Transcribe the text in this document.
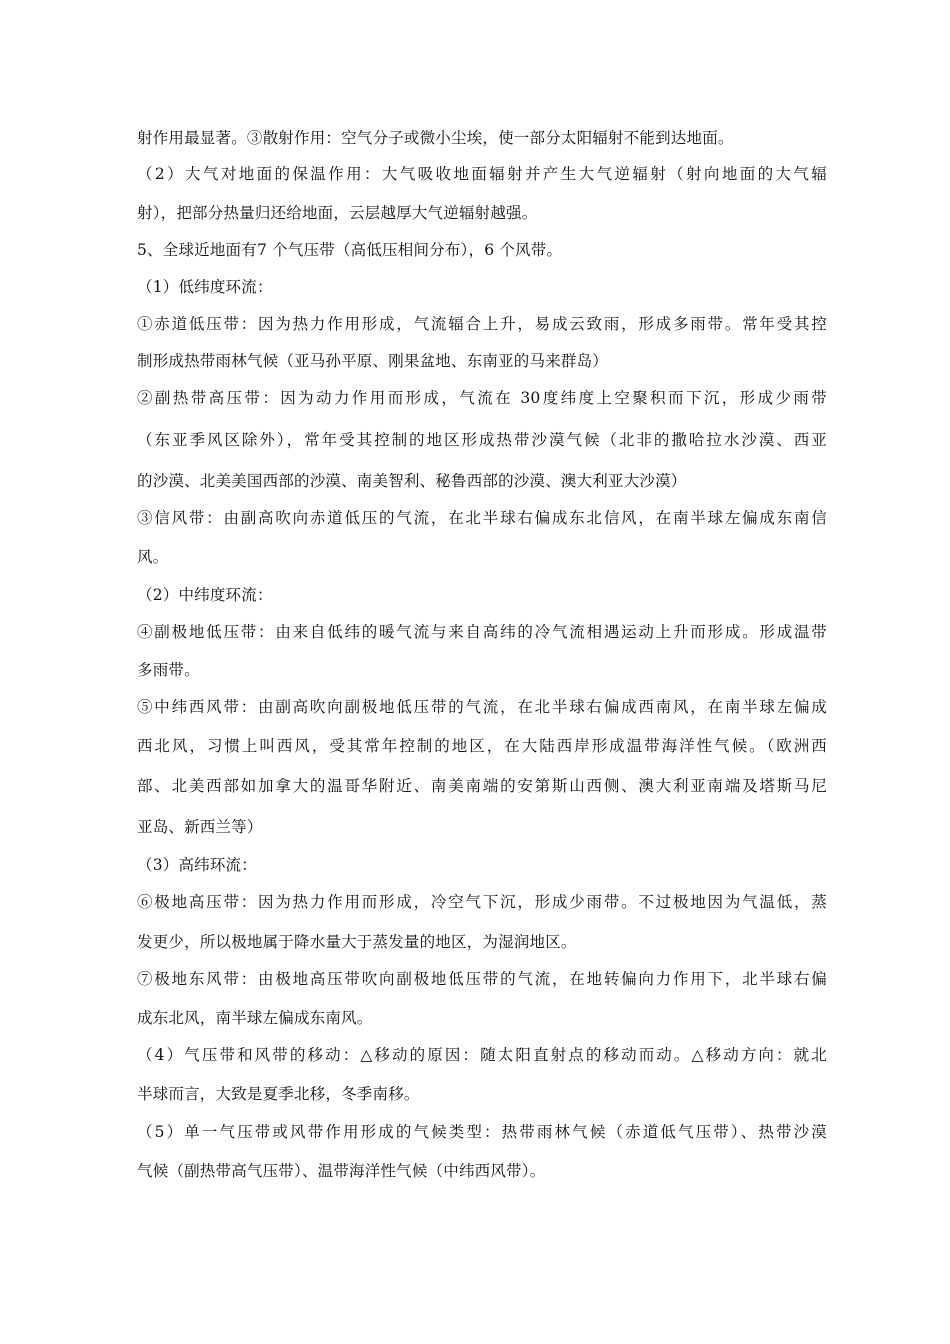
射作用最显著。③散射作用：空气分子或微小尘埃，使一部分太阳辐射不能到达地面。
（2）大气对地面的保温作用：大气吸收地面辐射并产生大气逆辐射（射向地面的大气辐
射），把部分热量归还给地面，云层越厚大气逆辐射越强。
5、全球近地面有7 个气压带（高低压相间分布），6 个风带。
（1）低纬度环流：
①赤道低压带：因为热力作用形成，气流辐合上升，易成云致雨，形成多雨带。常年受其控
制形成热带雨林气候（亚马孙平原、刚果盆地、东南亚的马来群岛）
②副热带高压带：因为动力作用而形成，气流在 30度纬度上空聚积而下沉，形成少雨带
（东亚季风区除外），常年受其控制的地区形成热带沙漠气候（北非的撒哈拉水沙漠、西亚
的沙漠、北美美国西部的沙漠、南美智利、秘鲁西部的沙漠、澳大利亚大沙漠）
③信风带：由副高吹向赤道低压的气流，在北半球右偏成东北信风，在南半球左偏成东南信
风。
（2）中纬度环流：
④副极地低压带：由来自低纬的暖气流与来自高纬的冷气流相遇运动上升而形成。形成温带
多雨带。
⑤中纬西风带：由副高吹向副极地低压带的气流，在北半球右偏成西南风，在南半球左偏成
西北风，习惯上叫西风，受其常年控制的地区，在大陆西岸形成温带海洋性气候。（欧洲西
部、北美西部如加拿大的温哥华附近、南美南端的安第斯山西侧、澳大利亚南端及塔斯马尼
亚岛、新西兰等）
（3）高纬环流：
⑥极地高压带：因为热力作用而形成，冷空气下沉，形成少雨带。不过极地因为气温低，蒸
发更少，所以极地属于降水量大于蒸发量的地区，为湿润地区。
⑦极地东风带：由极地高压带吹向副极地低压带的气流，在地转偏向力作用下，北半球右偏
成东北风，南半球左偏成东南风。
（4）气压带和风带的移动：△移动的原因：随太阳直射点的移动而动。△移动方向：就北
半球而言，大致是夏季北移，冬季南移。
（5）单一气压带或风带作用形成的气候类型：热带雨林气候（赤道低气压带）、热带沙漠
气候（副热带高气压带）、温带海洋性气候（中纬西风带）。
